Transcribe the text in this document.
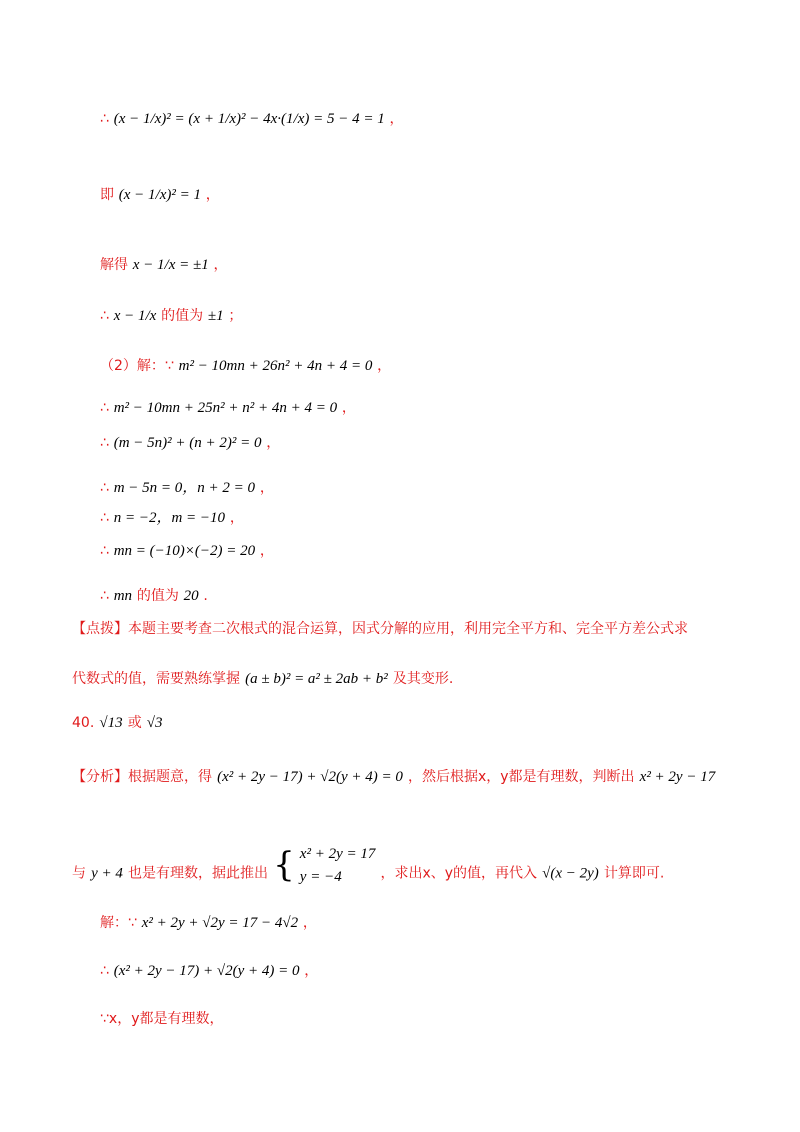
∴ (x − 1/x)² = (x + 1/x)² − 4x·(1/x) = 5 − 4 = 1 ，
即 (x − 1/x)² = 1 ，
解得 x − 1/x = ±1 ，
∴ x − 1/x 的值为 ±1 ；
（2）解：∵ m² − 10mn + 26n² + 4n + 4 = 0 ，
∴ m² − 10mn + 25n² + n² + 4n + 4 = 0 ，
∴ (m − 5n)² + (n + 2)² = 0 ，
∴ m − 5n = 0，n + 2 = 0 ，
∴ n = −2，m = −10 ，
∴ mn = (−10)×(−2) = 20 ，
∴ mn 的值为 20 .
【点拨】本题主要考查二次根式的混合运算，因式分解的应用，利用完全平方和、完全平方差公式求
代数式的值，需要熟练掌握 (a ± b)² = a² ± 2ab + b² 及其变形.
40. √13 或 √3
【分析】根据题意，得 (x² + 2y − 17) + √2(y + 4) = 0 ，然后根据x，y都是有理数，判断出 x² + 2y − 17
与 y + 4 也是有理数，据此推出 { x² + 2y = 17
y = −4	，求出x、y的值，再代入 √(x − 2y) 计算即可.
解：∵ x² + 2y + √2y = 17 − 4√2 ，
∴ (x² + 2y − 17) + √2(y + 4) = 0 ，
∵x，y都是有理数，
